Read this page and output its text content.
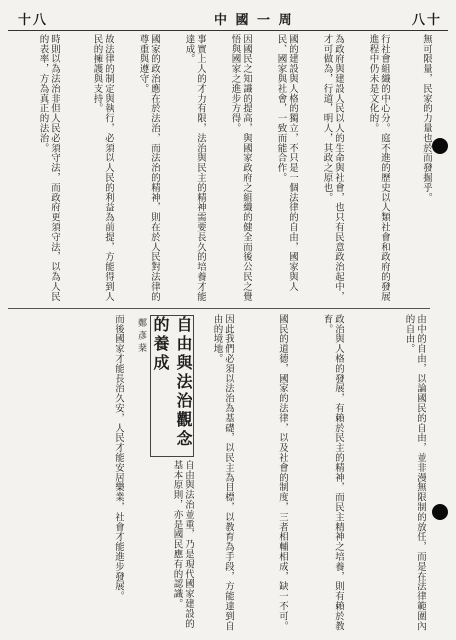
十八	中 國 一 周	八十
無可限量，民家的力量也於而發掘乎。
行社會組織的中心分。庭不進的歷史以人類社會和政府的發展進程中仍未是文化的。
為政府與建設人民以人的生命與社會，也只有民意政治起中，才可做為，行道，明人，其政之原也。
國的建設與人格的獨立，不只是一個法律的自由，國家與人民、國家與社會，一致而能合作。
因國民之知識的提高，與國家政府之組織的健全而後公民之覺悟與國家之進步方得。
事實上人的才力有限，法治與民主的精神需要長久的培養才能達成。
國家的政治應在於法治，而法治的精神，則在於人民對法律的尊重與遵守。
故法律的制定與執行，必須以人民的利益為前提，方能得到人民的擁護與支持。
時則以為法治非但人民必須守法，而政府更須守法，以為人民的表率，方為真正的法治。
由中的自由，以論國民的自由，並非漫無限制的放任，而是在法律範圍內的自由。
政治與人格的發展，有賴於民主的精神，而民主精神之培養，則有賴於教育。
國民的道德，國家的法律，以及社會的制度，三者相輔相成，缺一不可。
因此我們必須以法治為基礎，以民主為目標，以教育為手段，方能達到自由的境地。
自由與法治並重，乃是現代國家建設的基本原則，亦是國民應有的認識。
而後國家才能長治久安，人民才能安居樂業，社會才能進步發展。	自由與法治觀念的養成
鄭 彥 棻
